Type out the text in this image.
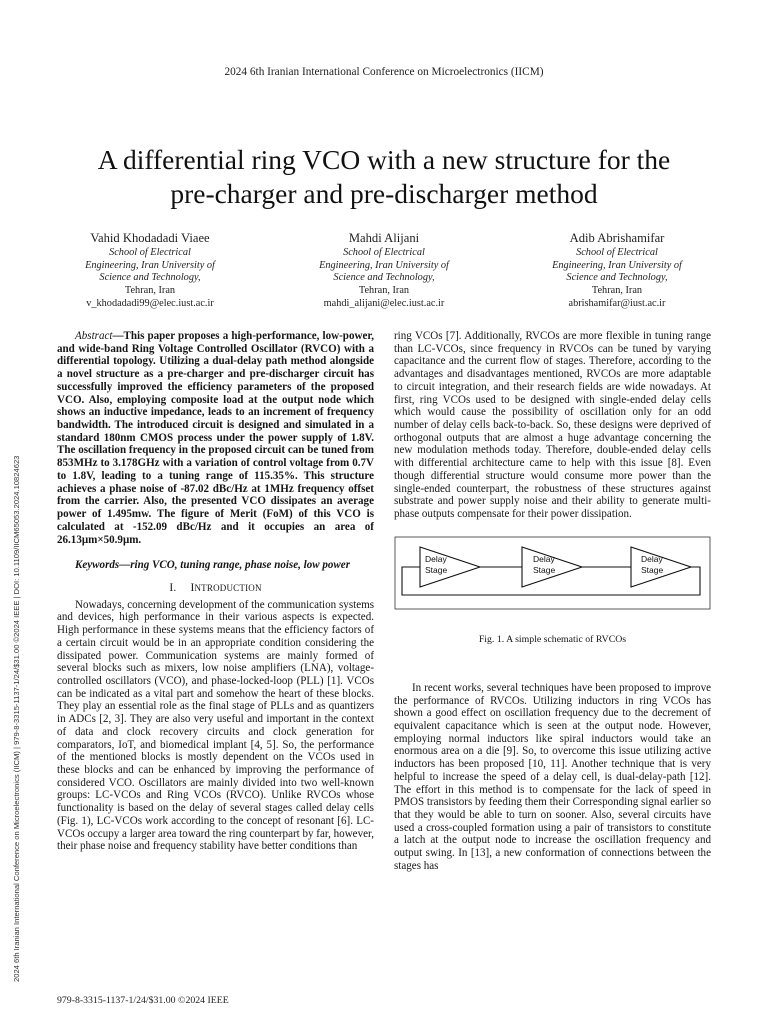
2024 6th Iranian International Conference on Microelectronics (IICM)
A differential ring VCO with a new structure for the
pre-charger and pre-discharger method
Vahid Khodadadi Viaee
School of Electrical
Engineering, Iran University of
Science and Technology,
Tehran, Iran
v_khodadadi99@elec.iust.ac.ir
Mahdi Alijani
School of Electrical
Engineering, Iran University of
Science and Technology,
Tehran, Iran
mahdi_alijani@elec.iust.ac.ir
Adib Abrishamifar
School of Electrical
Engineering, Iran University of
Science and Technology,
Tehran, Iran
abrishamifar@iust.ac.ir
2024 6th Iranian International Conference on Microelectronics (IICM) | 979-8-3315-1137-1/24/$31.00 ©2024 IEEE | DOI: 10.1109/IICM65053.2024.10824623

Abstract—This paper proposes a high-performance, low-power, and wide-band Ring Voltage Controlled Oscillator (RVCO) with a differential topology. Utilizing a dual-delay path method alongside a novel structure as a pre-charger and pre-discharger circuit has successfully improved the efficiency parameters of the proposed VCO. Also, employing composite load at the output node which shows an inductive impedance, leads to an increment of frequency bandwidth. The introduced circuit is designed and simulated in a standard 180nm CMOS process under the power supply of 1.8V. The oscillation frequency in the proposed circuit can be tuned from 853MHz to 3.178GHz with a variation of control voltage from 0.7V to 1.8V, leading to a tuning range of 115.35%. This structure achieves a phase noise of -87.02 dBc/Hz at 1MHz frequency offset from the carrier. Also, the presented VCO dissipates an average power of 1.495mw. The figure of Merit (FoM) of this VCO is calculated at -152.09 dBc/Hz and it occupies an area of 26.13μm×50.9μm.

Keywords—ring VCO, tuning range, phase noise, low power

I. INTRODUCTION

Nowadays, concerning development of the communication systems and devices, high performance in their various aspects is expected. High performance in these systems means that the efficiency factors of a certain circuit would be in an appropriate condition considering the dissipated power. Communication systems are mainly formed of several blocks such as mixers, low noise amplifiers (LNA), voltage-controlled oscillators (VCO), and phase-locked-loop (PLL) [1]. VCOs can be indicated as a vital part and somehow the heart of these blocks. They play an essential role as the final stage of PLLs and as quantizers in ADCs [2, 3]. They are also very useful and important in the context of data and clock recovery circuits and clock generation for comparators, IoT, and biomedical implant [4, 5]. So, the performance of the mentioned blocks is mostly dependent on the VCOs used in these blocks and can be enhanced by improving the performance of considered VCO. Oscillators are mainly divided into two well-known groups: LC-VCOs and Ring VCOs (RVCO). Unlike RVCOs whose functionality is based on the delay of several stages called delay cells (Fig. 1), LC-VCOs work according to the concept of resonant [6]. LC-VCOs occupy a larger area toward the ring counterpart by far, however, their phase noise and frequency stability have better conditions than

ring VCOs [7]. Additionally, RVCOs are more flexible in tuning range than LC-VCOs, since frequency in RVCOs can be tuned by varying capacitance and the current flow of stages. Therefore, according to the advantages and disadvantages mentioned, RVCOs are more adaptable to circuit integration, and their research fields are wide nowadays. At first, ring VCOs used to be designed with single-ended delay cells which would cause the possibility of oscillation only for an odd number of delay cells back-to-back. So, these designs were deprived of orthogonal outputs that are almost a huge advantage concerning the new modulation methods today. Therefore, double-ended delay cells with differential architecture came to help with this issue [8]. Even though differential structure would consume more power than the single-ended counterpart, the robustness of these structures against substrate and power supply noise and their ability to generate multi-phase outputs compensate for their power dissipation.

Delay
Stage
Delay
Stage
Delay
Stage

Fig. 1. A simple schematic of RVCOs

In recent works, several techniques have been proposed to improve the performance of RVCOs. Utilizing inductors in ring VCOs has shown a good effect on oscillation frequency due to the decrement of equivalent capacitance which is seen at the output node. However, employing normal inductors like spiral inductors would take an enormous area on a die [9]. So, to overcome this issue utilizing active inductors has been proposed [10, 11]. Another technique that is very helpful to increase the speed of a delay cell, is dual-delay-path [12]. The effort in this method is to compensate for the lack of speed in PMOS transistors by feeding them their Corresponding signal earlier so that they would be able to turn on sooner. Also, several circuits have used a cross-coupled formation using a pair of transistors to constitute a latch at the output node to increase the oscillation frequency and output swing. In [13], a new conformation of connections between the stages has

979-8-3315-1137-1/24/$31.00 ©2024 IEEE
